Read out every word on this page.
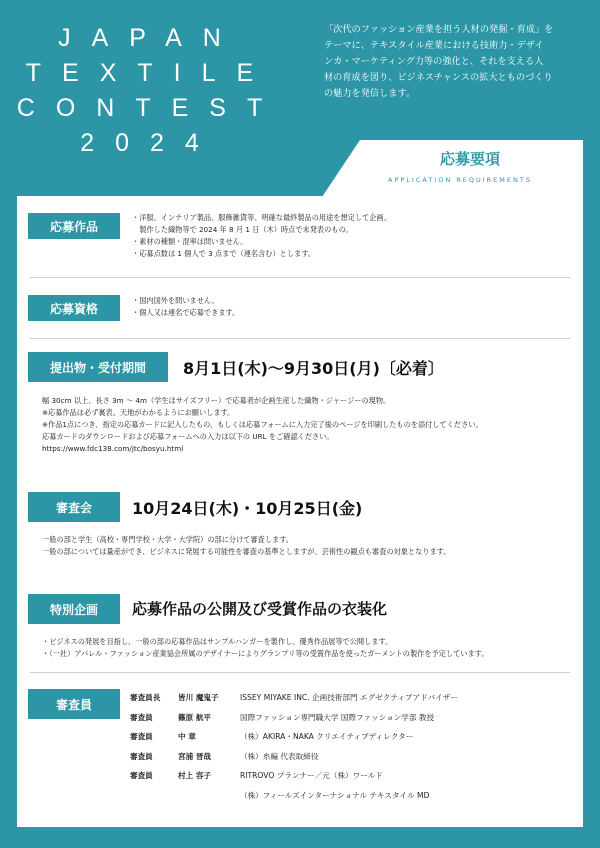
JAPAN
TEXTILE
CONTEST
2024
「次代のファッション産業を担う人材の発掘・育成」を
テーマに、テキスタイル産業における技術力・デザイ
ンカ・マーケティング力等の強化と、それを支える人
材の育成を図り、ビジネスチャンスの拡大とものづくり
の魅力を発信します。
応募要項
APPLICATION REQUIREMENTS
応募作品
・洋服、インテリア製品、服飾雑貨等、明確な最終製品の用途を想定して企画、
　製作した織物等で 2024 年 8 月 1 日（木）時点で未発表のもの。
・素材の種類・混率は問いません。
・応募点数は 1 個人で 3 点まで（連名含む）とします。
応募資格
・国内国外を問いません。
・個人又は連名で応募できます。
提出物・受付期間	8月1日(木)～9月30日(月)〔必着〕
幅 30cm 以上、長さ 3m ～ 4m（学生はサイズフリー）で応募者が企画生産した織物・ジャージーの現物。
※応募作品は必ず裏表、天地がわかるようにお願いします。
※作品1点につき、指定の応募カードに記入したもの、もしくは応募フォームに入力完了後のページを印刷したものを添付してください。
応募カードのダウンロードおよび応募フォームへの入力は以下の URL をご確認ください。
https://www.fdc138.com/jtc/bosyu.html
審査会	10月24日(木)・10月25日(金)
一般の部と学生（高校・専門学校・大学・大学院）の部に分けて審査します。
一般の部については量産ができ、ビジネスに発展する可能性を審査の基準としますが、芸術性の観点も審査の対象となります。
特別企画	応募作品の公開及び受賞作品の衣装化
・ビジネスの発展を目指し、一般の部の応募作品はサンプルハンガーを製作し、優秀作品展等で公開します。
・（一社）アパレル・ファッション産業協会所属のデザイナーによりグランプリ等の受賞作品を使ったガーメントの製作を予定しています。
審査員	審査員長	皆川 魔鬼子	ISSEY MIYAKE INC. 企画技術部門 エグゼクティブアドバイザー
審査員	篠原 航平	国際ファッション専門職大学 国際ファッション学部 教授
審査員	中 章	（株）AKIRA・NAKA クリエイティブディレクター
審査員	宮浦 晋哉	（株）糸編 代表取締役
審査員	村上 容子	RITROVO プランナー／元（株）ワールド
		（株）フィールズインターナショナル テキスタイル MD
